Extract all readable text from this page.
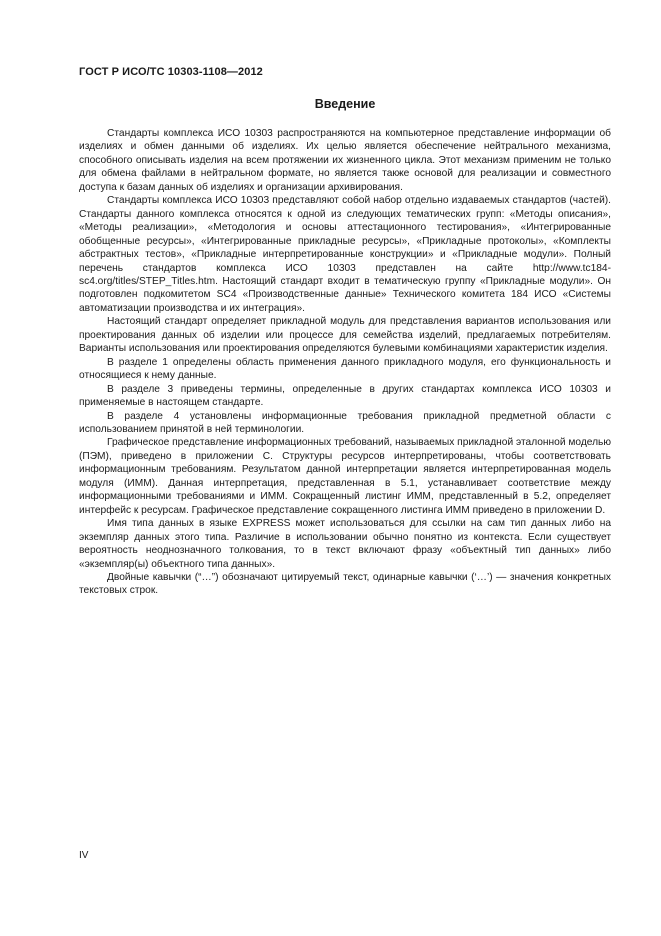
ГОСТ Р ИСО/ТС 10303-1108—2012
Введение

Стандарты комплекса ИСО 10303 распространяются на компьютерное представление информации об изделиях и обмен данными об изделиях. Их целью является обеспечение нейтрального механизма, способного описывать изделия на всем протяжении их жизненного цикла. Этот механизм применим не только для обмена файлами в нейтральном формате, но является также основой для реализации и совместного доступа к базам данных об изделиях и организации архивирования.

Стандарты комплекса ИСО 10303 представляют собой набор отдельно издаваемых стандартов (частей). Стандарты данного комплекса относятся к одной из следующих тематических групп: «Методы описания», «Методы реализации», «Методология и основы аттестационного тестирования», «Интегрированные обобщенные ресурсы», «Интегрированные прикладные ресурсы», «Прикладные протоколы», «Комплекты абстрактных тестов», «Прикладные интерпретированные конструкции» и «Прикладные модули». Полный перечень стандартов комплекса ИСО 10303 представлен на сайте http://www.tc184-sc4.org/titles/STEP_Titles.htm. Настоящий стандарт входит в тематическую группу «Прикладные модули». Он подготовлен подкомитетом SC4 «Производственные данные» Технического комитета 184 ИСО «Системы автоматизации производства и их интеграция».

Настоящий стандарт определяет прикладной модуль для представления вариантов использования или проектирования данных об изделии или процессе для семейства изделий, предлагаемых потребителям. Варианты использования или проектирования определяются булевыми комбинациями характеристик изделия.

В разделе 1 определены область применения данного прикладного модуля, его функциональность и относящиеся к нему данные.

В разделе 3 приведены термины, определенные в других стандартах комплекса ИСО 10303 и применяемые в настоящем стандарте.

В разделе 4 установлены информационные требования прикладной предметной области с использованием принятой в ней терминологии.

Графическое представление информационных требований, называемых прикладной эталонной моделью (ПЭМ), приведено в приложении С. Структуры ресурсов интерпретированы, чтобы соответствовать информационным требованиям. Результатом данной интерпретации является интерпретированная модель модуля (ИММ). Данная интерпретация, представленная в 5.1, устанавливает соответствие между информационными требованиями и ИММ. Сокращенный листинг ИММ, представленный в 5.2, определяет интерфейс к ресурсам. Графическое представление сокращенного листинга ИММ приведено в приложении D.

Имя типа данных в языке EXPRESS может использоваться для ссылки на сам тип данных либо на экземпляр данных этого типа. Различие в использовании обычно понятно из контекста. Если существует вероятность неоднозначного толкования, то в текст включают фразу «объектный тип данных» либо «экземпляр(ы) объектного типа данных».

Двойные кавычки (“…”) обозначают цитируемый текст, одинарные кавычки (‘…’) — значения конкретных текстовых строк.

IV
